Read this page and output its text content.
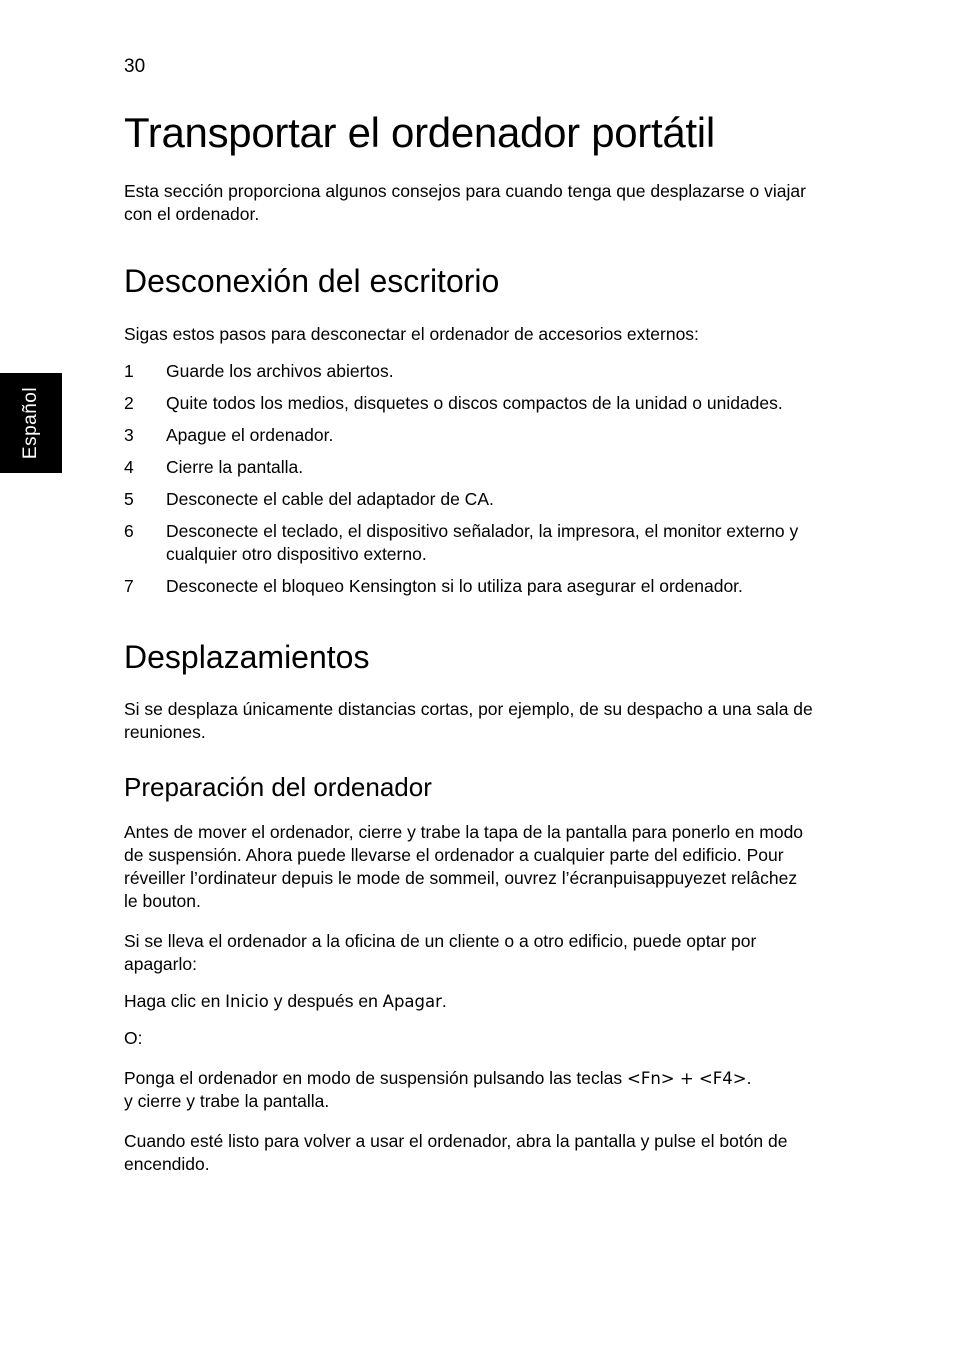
30
Español
Transportar el ordenador portátil

Esta sección proporciona algunos consejos para cuando tenga que desplazarse o viajar con el ordenador.

Desconexión del escritorio

Sigas estos pasos para desconectar el ordenador de accesorios externos:

1	Guarde los archivos abiertos.
2	Quite todos los medios, disquetes o discos compactos de la unidad o unidades.
3	Apague el ordenador.
4	Cierre la pantalla.
5	Desconecte el cable del adaptador de CA.
6	Desconecte el teclado, el dispositivo señalador, la impresora, el monitor externo y cualquier otro dispositivo externo.
7	Desconecte el bloqueo Kensington si lo utiliza para asegurar el ordenador.
Desplazamientos

Si se desplaza únicamente distancias cortas, por ejemplo, de su despacho a una sala de reuniones.

Preparación del ordenador

Antes de mover el ordenador, cierre y trabe la tapa de la pantalla para ponerlo en modo de suspensión. Ahora puede llevarse el ordenador a cualquier parte del edificio. Pour réveiller l’ordinateur depuis le mode de sommeil, ouvrez l’écranpuisappuyezet relâchez le bouton.

Si se lleva el ordenador a la oficina de un cliente o a otro edificio, puede optar por apagarlo:

Haga clic en Inicio y después en Apagar.

O:

Ponga el ordenador en modo de suspensión pulsando las teclas <Fn> + <F4>.
y cierre y trabe la pantalla.

Cuando esté listo para volver a usar el ordenador, abra la pantalla y pulse el botón de encendido.
